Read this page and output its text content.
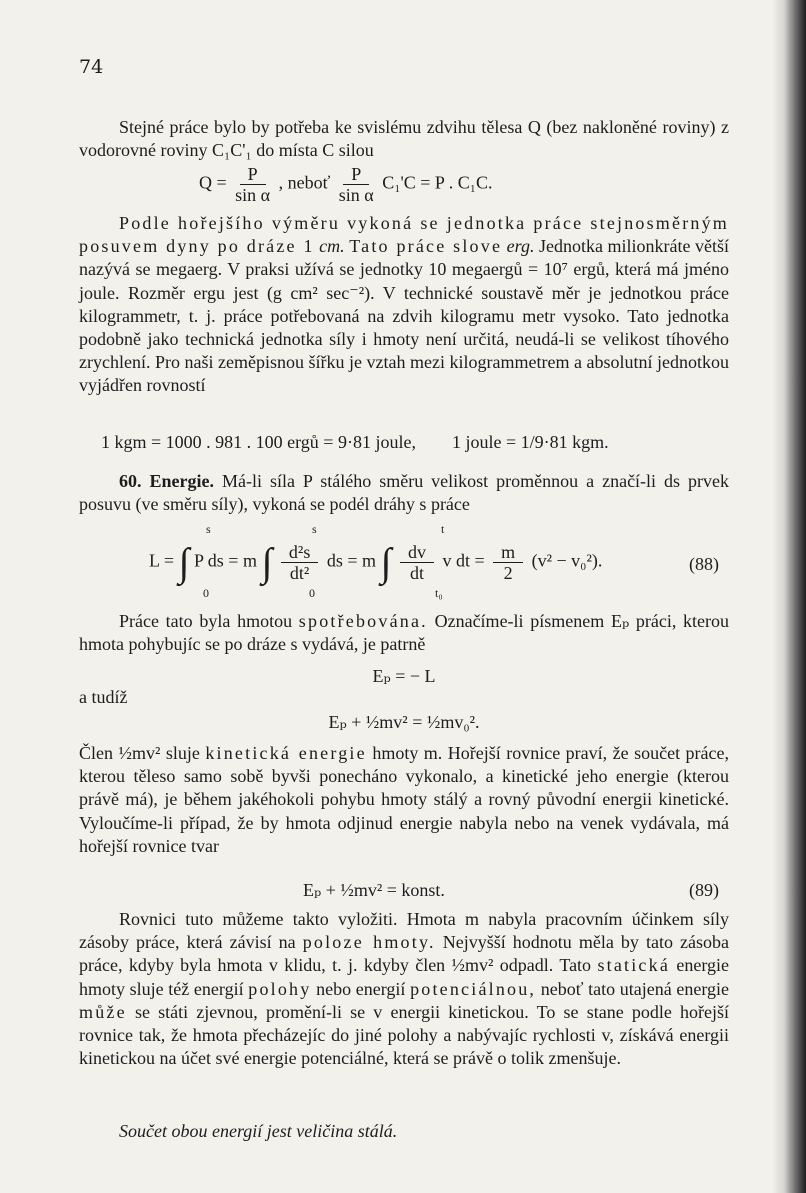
74
Stejné práce bylo by potřeba ke svislému zdvihu tělesa Q (bez nakloněné roviny) z vodorovné roviny C₁C'₁ do místa C silou
$Q = \frac{P}{\text{sin α}}$ , neboť $\frac{P}{\text{sin α}} C_1'C = P$ . C₁C.
Podle hořejšího výměru vykoná se jednotka práce stejnosměrným posuvem dyny po dráze 1 cm. Tato práce slove erg. Jednotka milionkráte větší nazývá se megaerg. V praksi užívá se jednotky 10 megaergů = 10⁷ ergů, která má jméno joule. Rozměr ergu jest (g cm² sec⁻²). V technické soustavě měr je jednotkou práce kilogrammetr, t. j. práce potřebovaná na zdvih kilogramu metr vysoko. Tato jednotka podobně jako technická jednotka síly i hmoty není určitá, neudá-li se velikost tíhového zrychlení. Pro naši zeměpisnou šířku je vztah mezi kilogrammetrem a absolutní jednotkou vyjádřen rovností
1 kgm = 1000 . 981 . 100 ergů = 9·81 joule,        1 joule = 1/9·81 kgm.
60. Energie. Má-li síla P stálého směru velikost proměnnou a značí-li ds prvek posuvu (ve směru síly), vykoná se podél dráhy s práce
L = ∫ P ds = m ∫ $\frac{\text{d²s}}{\text{dt²}}$ ds = m ∫ $\frac{dv}{dt}$ v dt = $\frac{m}{2} (v^2 - v_0^2)$.
s
0
s
0
t
t₀
(88)
Práce tato byla hmotou spotřebována. Označíme-li písmenem Eₚ práci, kterou hmota pohybujíc se po dráze s vydává, je patrně
Eₚ = − L
a tudíž
Eₚ + ½mv² = ½mv₀².
Člen ½mv² sluje kinetická energie hmoty m. Hořejší rovnice praví, že součet práce, kterou těleso samo sobě byvši ponecháno vykonalo, a kinetické jeho energie (kterou právě má), je během jakéhokoli pohybu hmoty stálý a rovný původní energii kinetické. Vyloučíme-li případ, že by hmota odjinud energie nabyla nebo na venek vydávala, má hořejší rovnice tvar
Eₚ + ½mv² = konst.	(89)
Rovnici tuto můžeme takto vyložiti. Hmota m nabyla pracovním účinkem síly zásoby práce, která závisí na poloze hmoty. Nejvyšší hodnotu měla by tato zásoba práce, kdyby byla hmota v klidu, t. j. kdyby člen ½mv² odpadl. Tato statická energie hmoty sluje též energií polohy nebo energií potenciálnou, neboť tato utajená energie může se státi zjevnou, promění-li se v energii kinetickou. To se stane podle hořejší rovnice tak, že hmota přecházejíc do jiné polohy a nabývajíc rychlosti v, získává energii kinetickou na účet své energie potenciálné, která se právě o tolik zmenšuje.
Součet obou energií jest veličina stálá.
